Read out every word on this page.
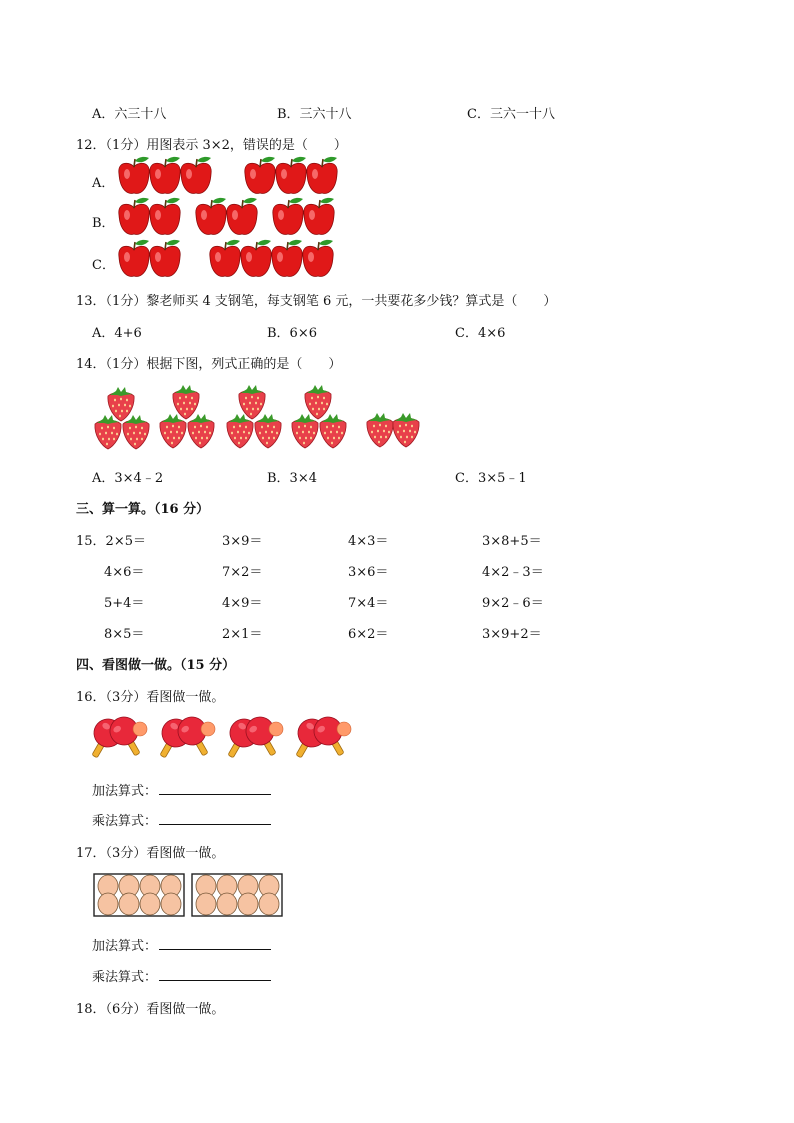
A．六三十八	B．三六十八	C．三六一十八
12．（1分）用图表示 3×2，错误的是（　　）
A．
B．
C．
13．（1分）黎老师买 4 支钢笔，每支钢笔 6 元，一共要花多少钱？算式是（　　）
A．4+6	B．6×6	C．4×6
14．（1分）根据下图，列式正确的是（　　）
A．3×4﹣2	B．3×4	C．3×5﹣1
三、算一算。（16 分）
15．2×5＝	3×9＝	4×3＝	3×8+5＝
4×6＝	7×2＝	3×6＝	4×2﹣3＝
5+4＝	4×9＝	7×4＝	9×2﹣6＝
8×5＝	2×1＝	6×2＝	3×9+2＝
四、看图做一做。（15 分）
16．（3分）看图做一做。
加法算式：
乘法算式：
17．（3分）看图做一做。
加法算式：
乘法算式：
18．（6分）看图做一做。
